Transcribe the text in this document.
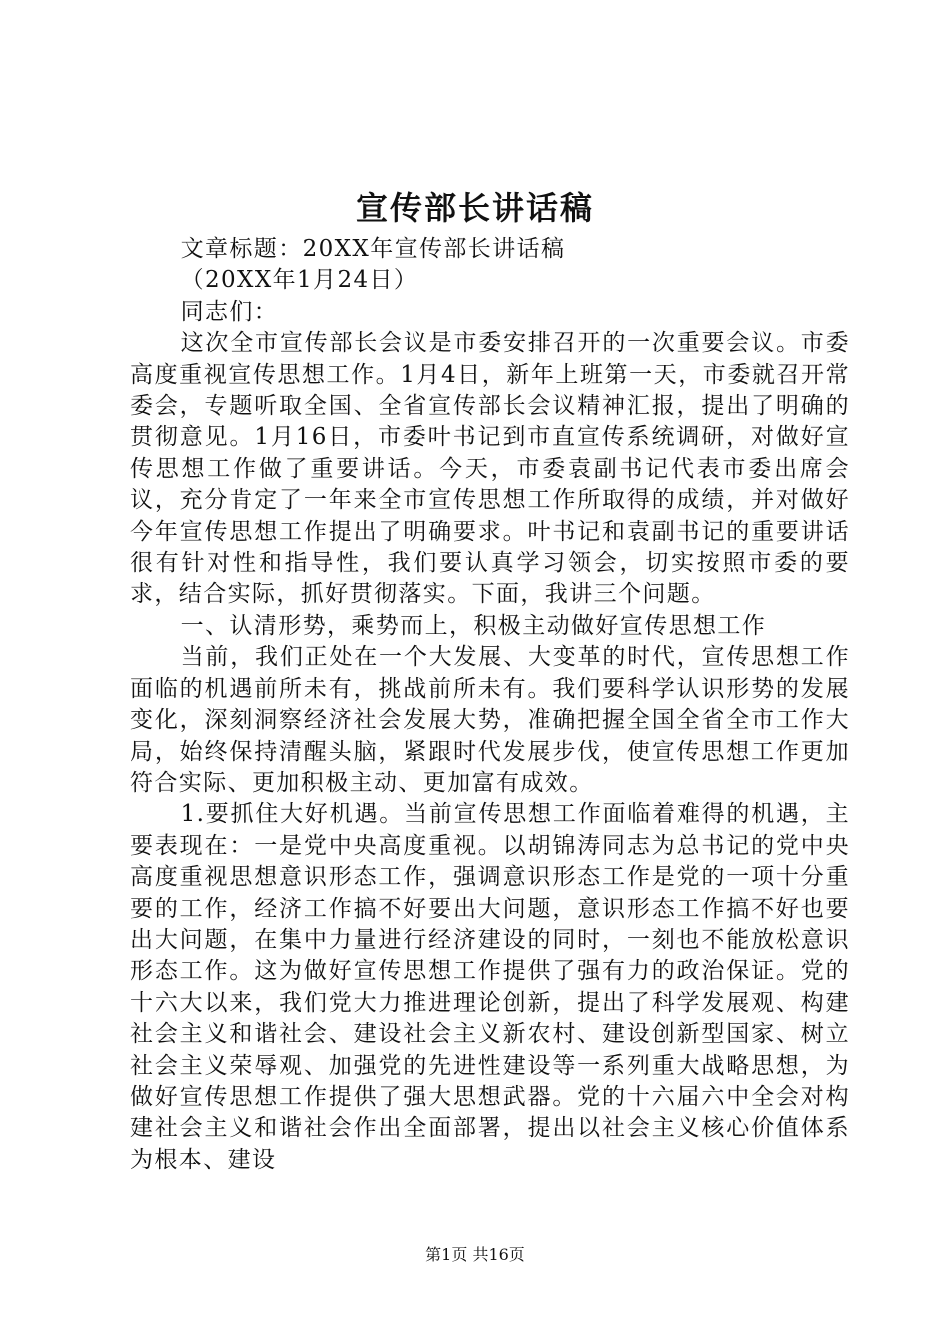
宣传部长讲话稿

文章标题：20XX年宣传部长讲话稿

（20XX年1月24日）

同志们：

这次全市宣传部长会议是市委安排召开的一次重要会议。市委高度重视宣传思想工作。1月4日，新年上班第一天，市委就召开常委会，专题听取全国、全省宣传部长会议精神汇报，提出了明确的贯彻意见。1月16日，市委叶书记到市直宣传系统调研，对做好宣传思想工作做了重要讲话。今天，市委袁副书记代表市委出席会议，充分肯定了一年来全市宣传思想工作所取得的成绩，并对做好今年宣传思想工作提出了明确要求。叶书记和袁副书记的重要讲话很有针对性和指导性，我们要认真学习领会，切实按照市委的要求，结合实际，抓好贯彻落实。下面，我讲三个问题。

一、认清形势，乘势而上，积极主动做好宣传思想工作

当前，我们正处在一个大发展、大变革的时代，宣传思想工作面临的机遇前所未有，挑战前所未有。我们要科学认识形势的发展变化，深刻洞察经济社会发展大势，准确把握全国全省全市工作大局，始终保持清醒头脑，紧跟时代发展步伐，使宣传思想工作更加符合实际、更加积极主动、更加富有成效。

1.要抓住大好机遇。当前宣传思想工作面临着难得的机遇，主要表现在：一是党中央高度重视。以胡锦涛同志为总书记的党中央高度重视思想意识形态工作，强调意识形态工作是党的一项十分重要的工作，经济工作搞不好要出大问题，意识形态工作搞不好也要出大问题，在集中力量进行经济建设的同时，一刻也不能放松意识形态工作。这为做好宣传思想工作提供了强有力的政治保证。党的十六大以来，我们党大力推进理论创新，提出了科学发展观、构建社会主义和谐社会、建设社会主义新农村、建设创新型国家、树立社会主义荣辱观、加强党的先进性建设等一系列重大战略思想，为做好宣传思想工作提供了强大思想武器。党的十六届六中全会对构建社会主义和谐社会作出全面部署，提出以社会主义核心价值体系为根本、建设

第1页 共16页
